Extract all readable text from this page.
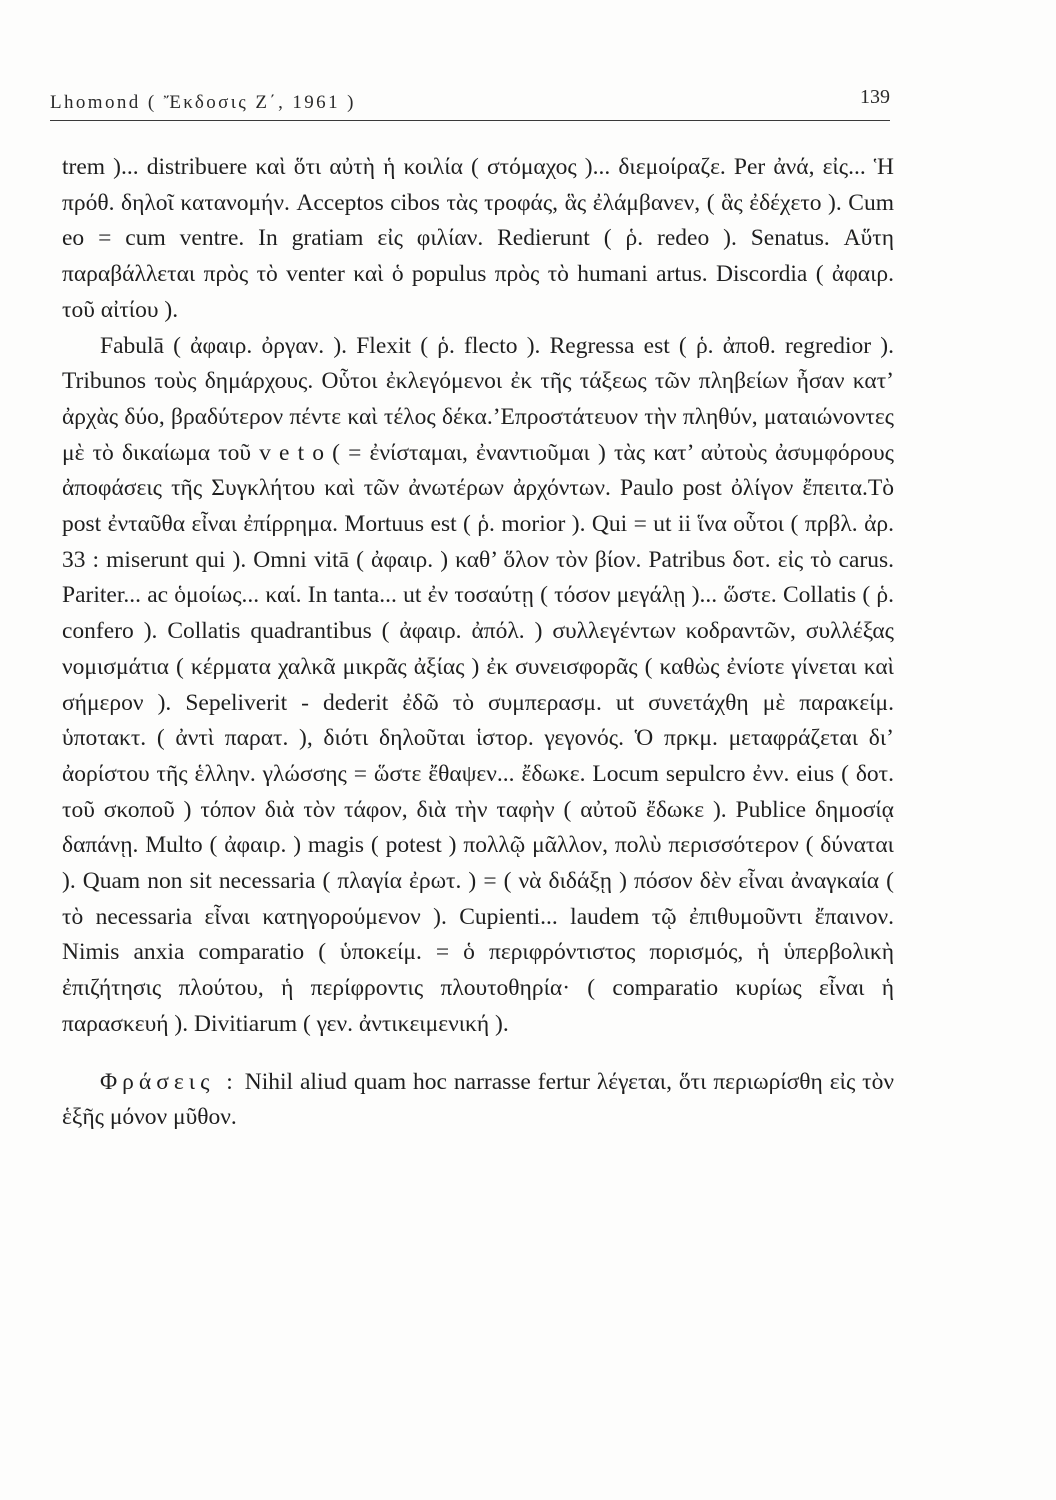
Lhomond ( Ἔκδοσις Ζ΄, 1961 )	139

trem )... distribuere καὶ ὅτι αὐτὴ ἡ κοιλία ( στόμαχος )... διεμοίραζε. Per ἀνά, εἰς... Ἡ πρόθ. δηλοῖ κατανομήν. Acceptos cibos τὰς τροφάς, ἃς ἐλάμβανεν, ( ἃς ἐδέχετο ). Cum eo = cum ventre. In gratiam εἰς φιλίαν. Redierunt ( ῥ. redeo ). Senatus. Αὕτη παραβάλλεται πρὸς τὸ venter καὶ ὁ populus πρὸς τὸ humani artus. Discordia ( ἀφαιρ. τοῦ αἰτίου ).

Fabulā ( ἀφαιρ. ὀργαν. ). Flexit ( ῥ. flecto ). Regressa est ( ῥ. ἀποθ. regredior ). Tribunos τοὺς δημάρχους. Οὗτοι ἐκλεγόμενοι ἐκ τῆς τάξεως τῶν πληβείων ἦσαν κατ’ ἀρχὰς δύο, βραδύτερον πέντε καὶ τέλος δέκα.’Επροστάτευον τὴν πληθύν, ματαιώνοντες μὲ τὸ δικαίωμα τοῦ v e t o ( = ἐνίσταμαι, ἐναντιοῦμαι ) τὰς κατ’ αὐτοὺς ἀσυμφόρους ἀποφάσεις τῆς Συγκλήτου καὶ τῶν ἀνωτέρων ἀρχόντων. Paulo post ὀλίγον ἔπειτα.Τὸ post ἐνταῦθα εἶναι ἐπίρρημα. Mortuus est ( ῥ. morior ). Qui = ut ii ἵνα οὗτοι ( πρβλ. ἀρ. 33 : miserunt qui ). Omni vitā ( ἀφαιρ. ) καθ’ ὅλον τὸν βίον. Patribus δοτ. εἰς τὸ carus. Pariter... ac ὁμοίως... καί. In tanta... ut ἐν τοσαύτῃ ( τόσον μεγάλῃ )... ὥστε. Collatis ( ῥ. confero ). Collatis quadrantibus ( ἀφαιρ. ἀπόλ. ) συλλεγέντων κοδραντῶν, συλλέξας νομισμάτια ( κέρματα χαλκᾶ μικρᾶς ἀξίας ) ἐκ συνεισφορᾶς ( καθὼς ἐνίοτε γίνεται καὶ σήμερον ). Sepeliverit - dederit ἐδῶ τὸ συμπερασμ. ut συνετάχθη μὲ παρακείμ. ὑποτακτ. ( ἀντὶ παρατ. ), διότι δηλοῦται ἱστορ. γεγονός. Ὁ πρκμ. μεταφράζεται διʼ ἀορίστου τῆς ἑλλην. γλώσσης = ὥστε ἔθαψεν... ἔδωκε. Locum sepulcro ἐνν. eius ( δοτ. τοῦ σκοποῦ ) τόπον διὰ τὸν τάφον, διὰ τὴν ταφὴν ( αὐτοῦ ἔδωκε ). Publice δημοσίᾳ δαπάνῃ. Multo ( ἀφαιρ. ) magis ( potest ) πολλῷ μᾶλλον, πολὺ περισσότερον ( δύναται ). Quam non sit necessaria ( πλαγία ἐρωτ. ) = ( νὰ διδάξῃ ) πόσον δὲν εἶναι ἀναγκαία ( τὸ necessaria εἶναι κατηγορούμενον ). Cupienti... laudem τῷ ἐπιθυμοῦντι ἔπαινον. Nimis anxia comparatio ( ὑποκείμ. = ὁ περιφρόντιστος πορισμός, ἡ ὑπερβολικὴ ἐπιζήτησις πλούτου, ἡ περίφροντις πλουτοθηρία· ( comparatio κυρίως εἶναι ἡ παρασκευή ). Divitiarum ( γεν. ἀντικειμενική ).

Φράσεις : Nihil aliud quam hoc narrasse fertur λέγεται, ὅτι περιωρίσθη εἰς τὸν ἑξῆς μόνον μῦθον.
